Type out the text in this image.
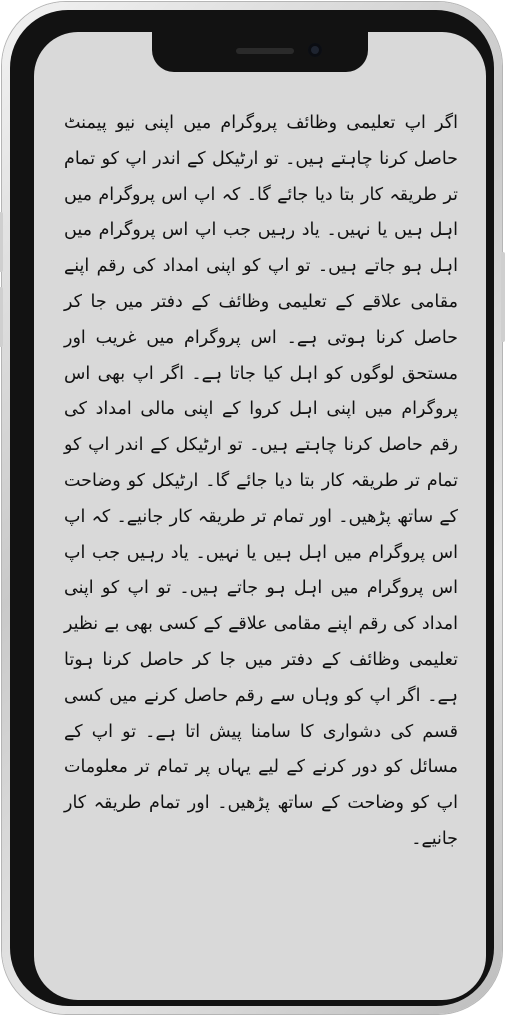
اگر اپ تعلیمی وظائف پروگرام میں اپنی نیو پیمنٹ حاصل کرنا چاہتے ہیں۔ تو ارٹیکل کے اندر اپ کو تمام تر طریقہ کار بتا دیا جائے گا۔ کہ اپ اس پروگرام میں اہل ہیں یا نہیں۔ یاد رہیں جب اپ اس پروگرام میں اہل ہو جاتے ہیں۔ تو اپ کو اپنی امداد کی رقم اپنے مقامی علاقے کے تعلیمی وظائف کے دفتر میں جا کر حاصل کرنا ہوتی ہے۔ اس پروگرام میں غریب اور مستحق لوگوں کو اہل کیا جاتا ہے۔ اگر اپ بھی اس پروگرام میں اپنی اہل کروا کے اپنی مالی امداد کی رقم حاصل کرنا چاہتے ہیں۔ تو ارٹیکل کے اندر اپ کو تمام تر طریقہ کار بتا دیا جائے گا۔ ارٹیکل کو وضاحت کے ساتھ پڑھیں۔ اور تمام تر طریقہ کار جانیے۔ کہ اپ اس پروگرام میں اہل ہیں یا نہیں۔ یاد رہیں جب اپ اس پروگرام میں اہل ہو جاتے ہیں۔ تو اپ کو اپنی امداد کی رقم اپنے مقامی علاقے کے کسی بھی بے نظیر تعلیمی وظائف کے دفتر میں جا کر حاصل کرنا ہوتا ہے۔ اگر اپ کو وہاں سے رقم حاصل کرنے میں کسی قسم کی دشواری کا سامنا پیش اتا ہے۔ تو اپ کے مسائل کو دور کرنے کے لیے یہاں پر تمام تر معلومات اپ کو وضاحت کے ساتھ پڑھیں۔ اور تمام طریقہ کار جانیے۔
